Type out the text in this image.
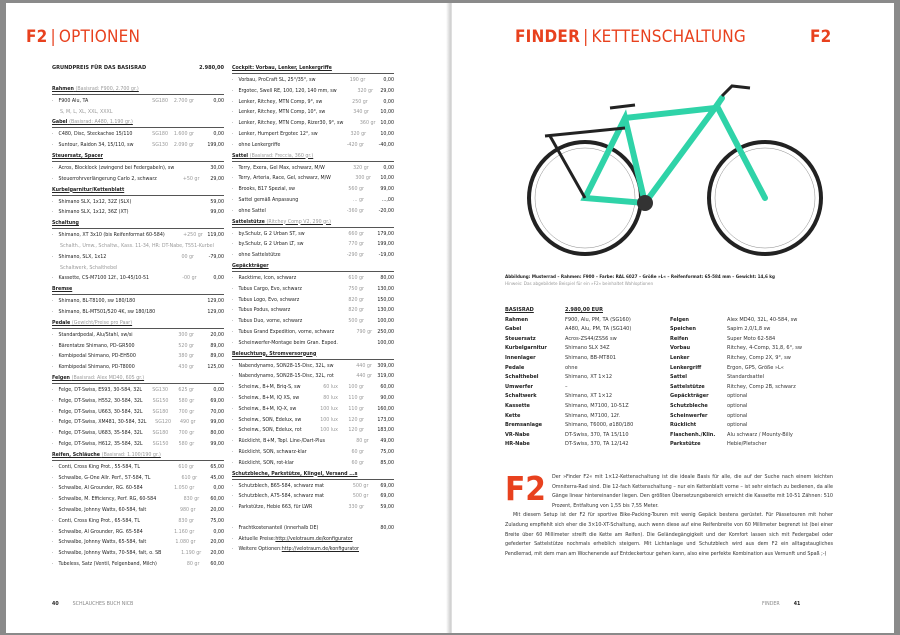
F2 | OPTIONEN
GRUNDPREIS FÜR DAS BASISRAD	2.980,00
Rahmen (Basisrad: F900, 2.700 gr.)
· F900 Alu, TA	SG180	2.700 gr	0,00
S, M, L, XL, XXL, XXXL
Gabel (Basisrad: A480, 1.190 gr.)
· C480, Disc, Steckachse 15/110	SG180	1.600 gr	0,00
· Suntour, Raidon 34, 15/110, sw	SG130	2.090 gr	199,00
Steuersatz, Spacer
· Acros, Blocklock (zwingend bei Federgabeln), sw	30,00
· Steuerrohrverlängerung Carlo 2, schwarz	+50 gr	29,00
Kurbelgarnitur/Kettenblatt
· Shimano SLX, 1x12, 32Z (SLX)	59,00
· Shimano SLX, 1x12, 36Z (XT)	99,00
Schaltung
· Shimano, XT 3x10 (bis Reifenformat 60-584)	+250 gr 119,00
Schalth., Umw., Schaltw., Kass. 11-34, HR: DT-Nabe, T551-Kurbel
· Shimano, SLX, 1x12	00 gr	-79,00
Schaltwerk, Schalthebel
· Kassette, CS-M7100 12f., 10-45/10-51	-00 gr	0,00
Bremse
· Shimano, BL-T8100, sw 180/180	129,00
· Shimano, BL-MT501/520 4K, sw 180/180	129,00
Pedale (Gewicht/Preise pro Paar)
· Standardpedal, Alu/Stahl, sw/si	300 gr	20,00
· Bärentatze Shimano, PD-GR500	520 gr	89,00
· Kombipedal Shimano, PD-EH500	380 gr	89,00
· Kombipedal Shimano, PD-T8000	430 gr	125,00
Felgen (Basisrad: Alex MD40, 605 gr.)
· Felge, DT-Swiss, E593, 30-584, 32L	SG130	625 gr	0,00
· Felge, DT-Swiss, H552, 30-584, 32L	SG150	580 gr	69,00
· Felge, DT-Swiss, U663, 30-584, 32L	SG180	700 gr	70,00
· Felge, DT-Swiss, XM481, 30-584, 32L	SG120	490 gr	99,00
· Felge, DT-Swiss, U683, 35-584, 32L	SG180	700 gr	80,00
· Felge, DT-Swiss, H612, 35-584, 32L	SG150	580 gr	99,00
Reifen, Schläuche (Basisrad: 1.100/190 gr.)
· Conti, Cross King Prot., 55-584, TL	610 gr	65,00
· Schwalbe, G-One Allr. Perf., 57-584, TL	610 gr	45,00
· Schwalbe, Al Grounder, RG. 60-584	1.050 gr	0,00
· Schwalbe, M. Efficiency, Perf. RG, 60-584	830 gr	60,00
· Schwalbe, Johnny Watts, 60-584, falt	980 gr	20,00
· Conti, Cross King Prot., 65-584, TL	830 gr	75,00
· Schwalbe, Al Grounder, RG. 65-584	1.160 gr	0,00
· Schwalbe, Johnny Watts, 65-584, falt	1.080 gr	20,00
· Schwalbe, Johnny Watts, 70-584, falt, o. SB	1.190 gr	20,00
· Tubeless, Satz (Ventil, Felgenband, Milch)	80 gr	60,00
Cockpit: Vorbau, Lenker, Lenkergriffe
· Vorbau, ProCraft SL, 25°/35°, sw	190 gr	0,00
· Ergotec, Swell RE, 100, 120, 140 mm, sw	320 gr	29,00
· Lenker, Ritchey, MTN Comp, 9°, sw	250 gr	0,00
· Lenker, Ritchey, MTN Comp, 10°, sw	340 gr	10,00
· Lenker, Ritchey, MTN Comp, Rizer30, 9°, sw	360 gr 10,00
· Lenker, Humpert Ergotec 12°, sw	320 gr	10,00
· ohne Lenkergriffe	-420 gr	-40,00
Sattel (Basisrad: Freccia, 360 gr.)
· Terry, Exera, Gel Max, schwarz, M/W	320 gr	0,00
· Terry, Arteria, Race, Gel, schwarz, M/W	300 gr	10,00
· Brooks, B17 Spezial, sw	560 gr	99,00
· Sattel gemäß Anpassung	... gr	...,00
· ohne Sattel	-360 gr	-20,00
Sattelstütze (Ritchey Comp V2, 290 gr.)
· by.Schulz, G 2 Urban ST, sw	660 gr	179,00
· by.Schulz, G 2 Urban LT, sw	770 gr	199,00
· ohne Sattelstütze	-290 gr	-19,00
Gepäckträger
· Racktime, Icon, schwarz	610 gr	80,00
· Tubus Cargo, Evo, schwarz	750 gr	130,00
· Tubus Logo, Evo, schwarz	820 gr	150,00
· Tubus Podus, schwarz	820 gr	130,00
· Tubus Duo, vorne, schwarz	500 gr	100,00
· Tubus Grand Expedition, vorne, schwarz	790 gr 250,00
· Scheinwerfer-Montage beim Gran. Exped.	100,00
Beleuchtung, Stromversorgung
· Nabendynamo, SON28-15-Disc, 32L, sw	440 gr	309,00
· Nabendynamo, SON28-15-Disc, 32L, rot	440 gr	319,00
· Scheinw., B+M, Briq-S, sw	60 lux	100 gr	60,00
· Scheinw., B+M, IQ XS, sw	80 lux	110 gr	90,00
· Scheinw., B+M, IQ-X, sw	100 lux	110 gr	160,00
· Scheinw., SON, Edelux, sw	100 lux	120 gr	173,00
· Scheinw., SON, Edelux, rot	100 lux	120 gr	183,00
· Rücklicht, B+M, Topl. Line-/Dart-Plus	80 gr	49,00
· Rücklicht, SON, schwarz-klar	60 gr	75,00
· Rücklicht, SON, rot-klar	60 gr	85,00
Schutzbleche, Parkstütze, Klingel, Versand ...s
· Schutzblech, B65-584, schwarz mat	500 gr	69,00
· Schutzblech, A75-584, schwarz mat	500 gr	69,00
· Parkstütze, Hebie 663, für LWR	330 gr	59,00
· Frachtkostenanteil (innerhalb DE)	80,00
· Aktuelle Preise: http://velotraum.de/konfigurator
· Weitere Optionen: http://velotraum.de/konfigurator
40	SCHLAUCHES BUCH NICB
FINDER | KETTENSCHALTUNG	F2
Abbildung: Musterrad – Rahmen: F900 – Farbe: RAL 6027 – Größe »L« – Reifenformat: 65-584 mm – Gewicht: 14,6 kg
Hinweis: Das abgebildete Beispiel für ein »F2« beinhaltet Wahloptionen
BASISRAD	2.980,00 EUR
Rahmen	F900, Alu, PM, TA (SG160)
Gabel	A480, Alu, PM, TA (SG140)
Steuersatz	Acros-ZS44/ZS56 sw
Kurbelgarnitur	Shimano SLX 34Z
Innenlager	Shimano, BB-MT801
Pedale	ohne
Schalthebel	Shimano, XT 1×12
Umwerfer	–
Schaltwerk	Shimano, XT 1×12
Kassette	Shimano, M7100, 10-51Z
Kette	Shimano, M7100, 12f.
Bremsanlage	Shimano, T6000, ø180/180
VR-Nabe	DT-Swiss, 370, TA 15/110
HR-Nabe	DT-Swiss, 370, TA 12/142
Felgen	Alex MD40, 32L, 40-584, sw
Speichen	Sapim 2,0/1,8 sw
Reifen	Super Moto 62-584
Vorbau	Ritchey, 4-Comp, 31,8, 6°, sw
Lenker	Ritchey, Comp 2X, 9°, sw
Lenkergriff	Ergon, GP5, Größe »L«
Sattel	Standardsattel
Sattelstütze	Ritchey, Comp 2B, schwarz
Gepäckträger	optional
Schutzbleche	optional
Scheinwerfer	optional
Rücklicht	optional
Flaschenh./Klin.	Alu schwarz / Mounty-Billy
Parkstütze	Hebie/Pletscher

F2 Der »Finder F2« mit 1×12-Kettenschaltung ist die ideale Basis für alle, die auf der Suche nach einem leichten Omniterra-Rad sind. Die 12-fach Kettenschaltung – nur ein Kettenblatt vorne – ist sehr einfach zu bedienen, da alle Gänge linear hintereinander liegen. Den größten Übersetzungsbereich erreicht die Kassette mit 10-51 Zähnen: 510 Prozent, Entfaltung von 1,55 bis 7,55 Meter.

Mit diesem Setup ist der F2 für sportive Bike-Packing-Touren mit wenig Gepäck bestens gerüstet. Für Pässetouren mit hoher Zuladung empfiehlt sich eher die 3×10-XT-Schaltung, auch wenn diese auf eine Reifenbreite von 60 Millimeter begrenzt ist (bei einer Breite über 60 Millimeter streift die Kette am Reifen). Die Geländegängigkeit und der Komfort lassen sich mit Federgabel oder gefederter Sattelstütze nochmals erheblich steigern. Mit Lichtanlage und Schutzblech wird aus dem F2 ein alltagstaugliches Pendlerrad, mit dem man am Wochenende auf Entdeckertour gehen kann, also eine perfekte Kombination aus Vernunft und Spaß ;-)

FINDER	41
